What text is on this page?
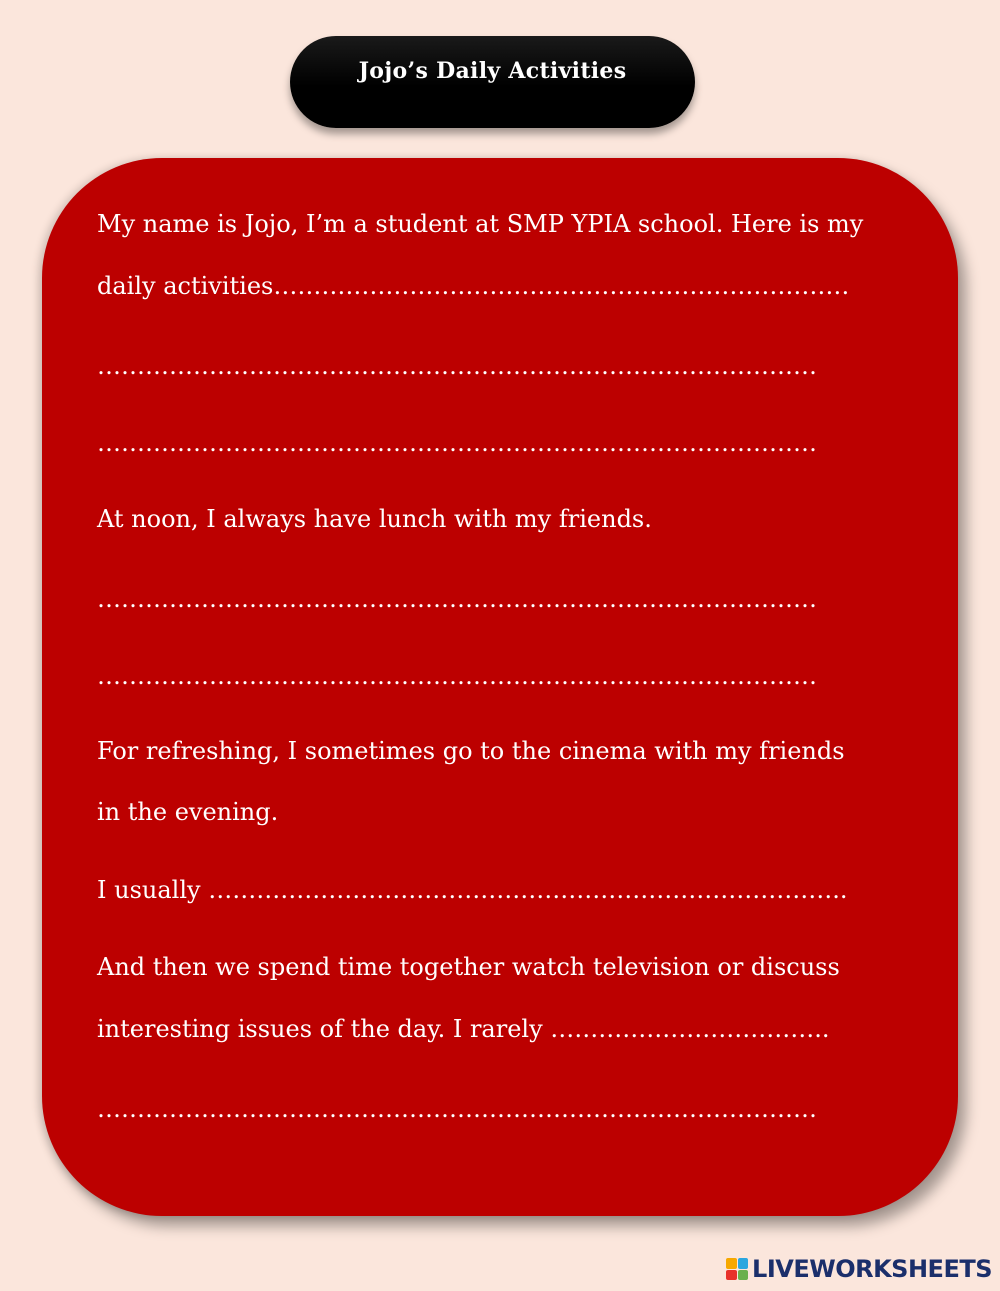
Jojo’s Daily Activities
My name is Jojo, I’m a student at SMP YPIA school. Here is my
daily activities………………………………………………………………
………………………………………………………………………………
………………………………………………………………………………
At noon, I always have lunch with my friends.
………………………………………………………………………………
………………………………………………………………………………
For refreshing, I sometimes go to the cinema with my friends
in the evening.
I usually ……………………………………………………………………..
And then we spend time together watch television or discuss
interesting issues of the day. I rarely ……………………………..
………………………………………………………………………………
LIVEWORKSHEETS
